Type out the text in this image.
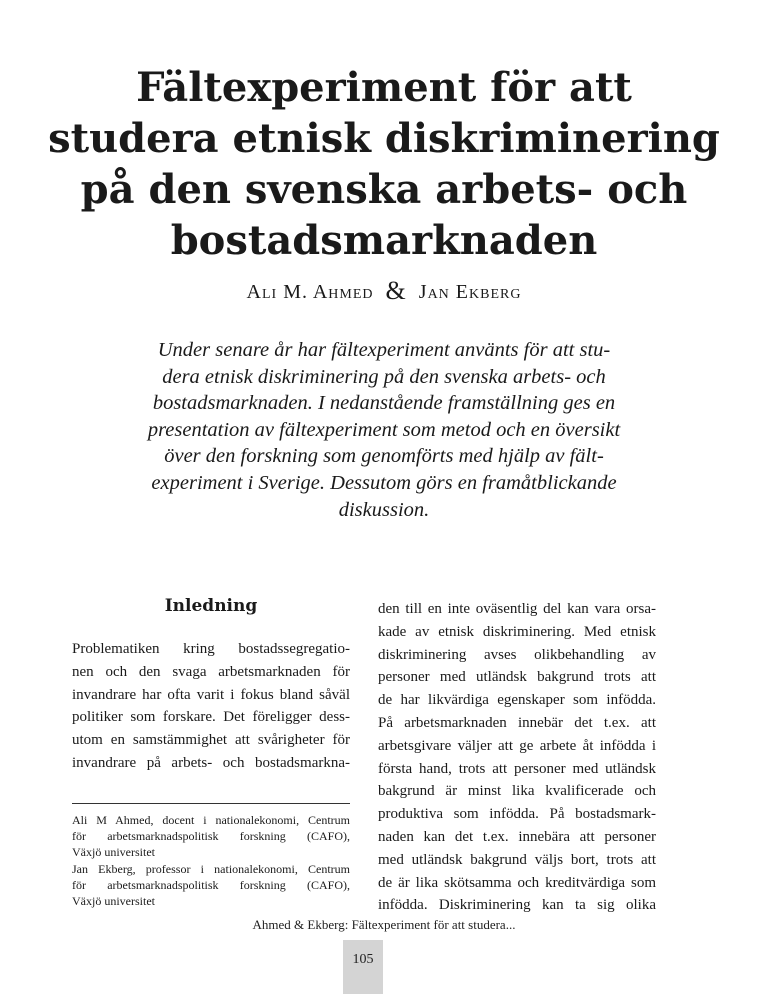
Fältexperiment för att
studera etnisk diskriminering
på den svenska arbets- och
bostadsmarknaden
Ali M. Ahmed & Jan Ekberg
Under senare år har fältexperiment använts för att stu-
dera etnisk diskriminering på den svenska arbets- och
bostadsmarknaden. I nedanstående framställning ges en
presentation av fältexperiment som metod och en översikt
över den forskning som genomförts med hjälp av fält-
experiment i Sverige. Dessutom görs en framåtblickande
diskussion.
Inledning

Problematiken kring bostadssegregatio-
nen och den svaga arbetsmarknaden för
invandrare har ofta varit i fokus bland såväl
politiker som forskare. Det föreligger dess-
utom en samstämmighet att svårigheter för
invandrare på arbets- och bostadsmarkna-

Ali M Ahmed, docent i nationalekonomi, Centrum
för arbetsmarknadspolitisk forskning (CAFO),
Växjö universitet
Jan Ekberg, professor i nationalekonomi, Centrum
för arbetsmarknadspolitisk forskning (CAFO),
Växjö universitet

den till en inte oväsentlig del kan vara orsa-
kade av etnisk diskriminering. Med etnisk
diskriminering avses olikbehandling av
personer med utländsk bakgrund trots att
de har likvärdiga egenskaper som infödda.
På arbetsmarknaden innebär det t.ex. att
arbetsgivare väljer att ge arbete åt infödda i
första hand, trots att personer med utländsk
bakgrund är minst lika kvalificerade och
produktiva som infödda. På bostadsmark-
naden kan det t.ex. innebära att personer
med utländsk bakgrund väljs bort, trots att
de är lika skötsamma och kreditvärdiga som
infödda. Diskriminering kan ta sig olika

Ahmed & Ekberg: Fältexperiment för att studera...
105
